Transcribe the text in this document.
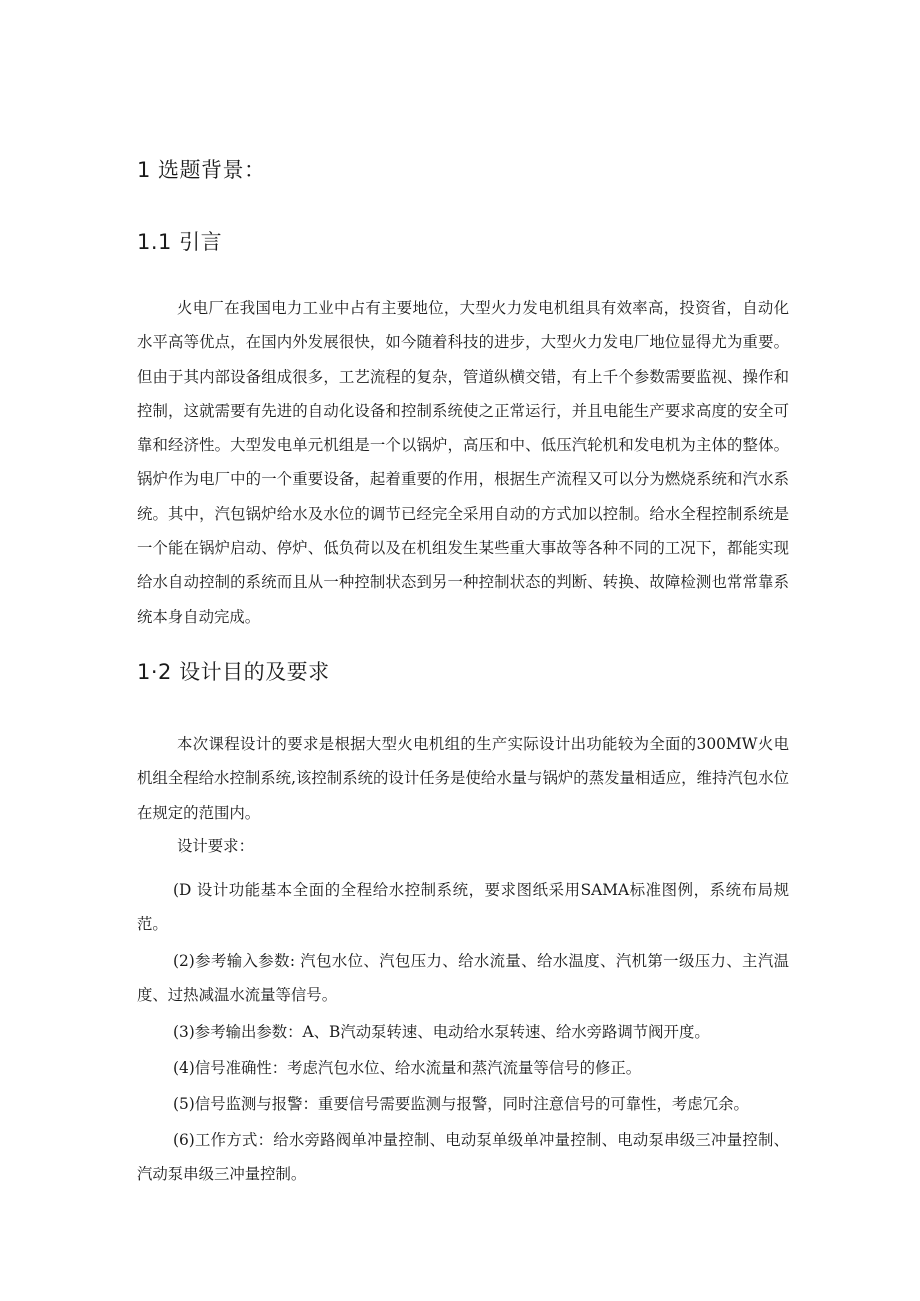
1 选题背景：
1.1 引言

火电厂在我国电力工业中占有主要地位，大型火力发电机组具有效率高，投资省，自动化水平高等优点，在国内外发展很快，如今随着科技的进步，大型火力发电厂地位显得尤为重要。但由于其内部设备组成很多，工艺流程的复杂，管道纵横交错，有上千个参数需要监视、操作和控制，这就需要有先进的自动化设备和控制系统使之正常运行，并且电能生产要求高度的安全可靠和经济性。大型发电单元机组是一个以锅炉，高压和中、低压汽轮机和发电机为主体的整体。锅炉作为电厂中的一个重要设备，起着重要的作用，根据生产流程又可以分为燃烧系统和汽水系统。其中，汽包锅炉给水及水位的调节已经完全采用自动的方式加以控制。给水全程控制系统是一个能在锅炉启动、停炉、低负荷以及在机组发生某些重大事故等各种不同的工况下，都能实现给水自动控制的系统而且从一种控制状态到另一种控制状态的判断、转换、故障检测也常常靠系统本身自动完成。

1·2 设计目的及要求

本次课程设计的要求是根据大型火电机组的生产实际设计出功能较为全面的300MW火电机组全程给水控制系统,该控制系统的设计任务是使给水量与锅炉的蒸发量相适应，维持汽包水位在规定的范围内。

设计要求：

(D 设计功能基本全面的全程给水控制系统，要求图纸采用SAMA标准图例，系统布局规范。

(2)参考输入参数: 汽包水位、汽包压力、给水流量、给水温度、汽机第一级压力、主汽温度、过热减温水流量等信号。

(3)参考输出参数：A、B汽动泵转速、电动给水泵转速、给水旁路调节阀开度。

(4)信号准确性：考虑汽包水位、给水流量和蒸汽流量等信号的修正。

(5)信号监测与报警：重要信号需要监测与报警，同时注意信号的可靠性，考虑冗余。

(6)工作方式：给水旁路阀单冲量控制、电动泵单级单冲量控制、电动泵串级三冲量控制、汽动泵串级三冲量控制。
